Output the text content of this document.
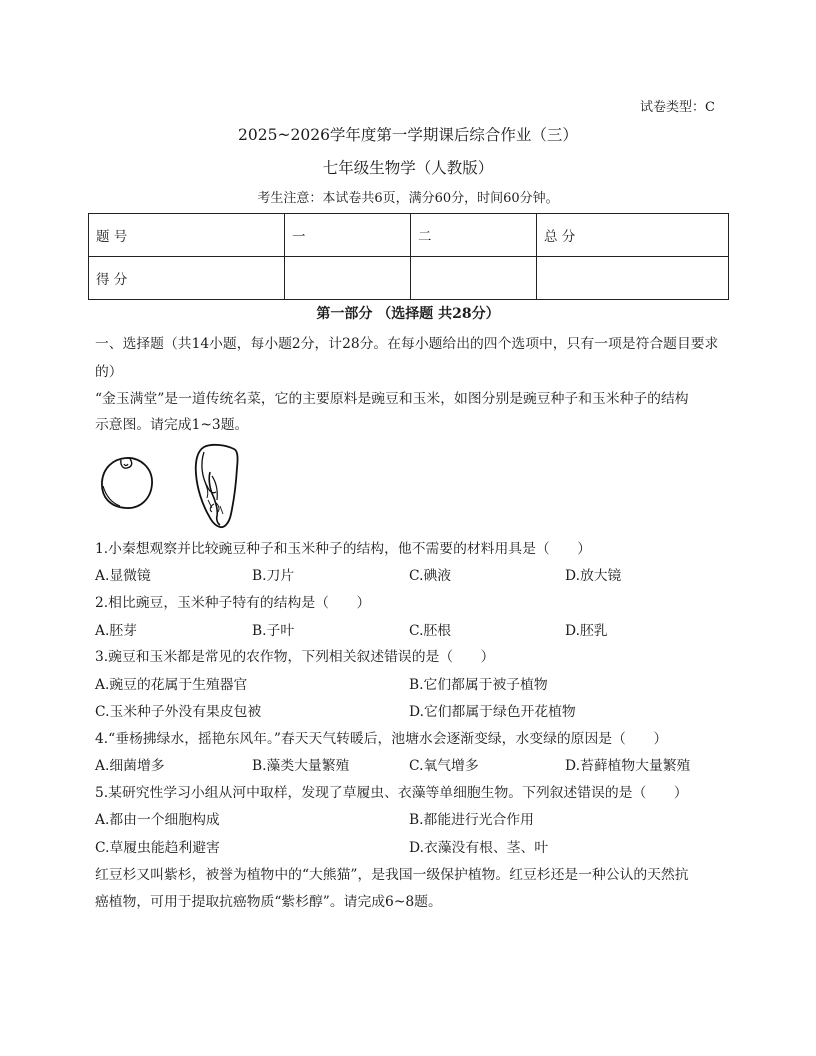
试卷类型：C
2025~2026学年度第一学期课后综合作业（三）
七年级生物学（人教版）
考生注意：本试卷共6页，满分60分，时间60分钟。
题 号	一	二	总 分
得 分			
第一部分 （选择题 共28分）
一、选择题（共14小题，每小题2分，计28分。在每小题给出的四个选项中，只有一项是符合题目要求
的）
“金玉满堂”是一道传统名菜，它的主要原料是豌豆和玉米，如图分别是豌豆种子和玉米种子的结构
示意图。请完成1~3题。
1.小秦想观察并比较豌豆种子和玉米种子的结构，他不需要的材料用具是（　　）
A.显微镜	B.刀片	C.碘液	D.放大镜
2.相比豌豆，玉米种子特有的结构是（　　）
A.胚芽	B.子叶	C.胚根	D.胚乳
3.豌豆和玉米都是常见的农作物，下列相关叙述错误的是（　　）
A.豌豆的花属于生殖器官	B.它们都属于被子植物
C.玉米种子外没有果皮包被	D.它们都属于绿色开花植物
4.“垂杨拂绿水，摇艳东风年。”春天天气转暖后，池塘水会逐渐变绿，水变绿的原因是（　　）
A.细菌增多	B.藻类大量繁殖	C.氧气增多	D.苔藓植物大量繁殖
5.某研究性学习小组从河中取样，发现了草履虫、衣藻等单细胞生物。下列叙述错误的是（　　）
A.都由一个细胞构成	B.都能进行光合作用
C.草履虫能趋利避害	D.衣藻没有根、茎、叶
红豆杉又叫紫杉，被誉为植物中的“大熊猫”，是我国一级保护植物。红豆杉还是一种公认的天然抗
癌植物，可用于提取抗癌物质“紫杉醇”。请完成6~8题。
